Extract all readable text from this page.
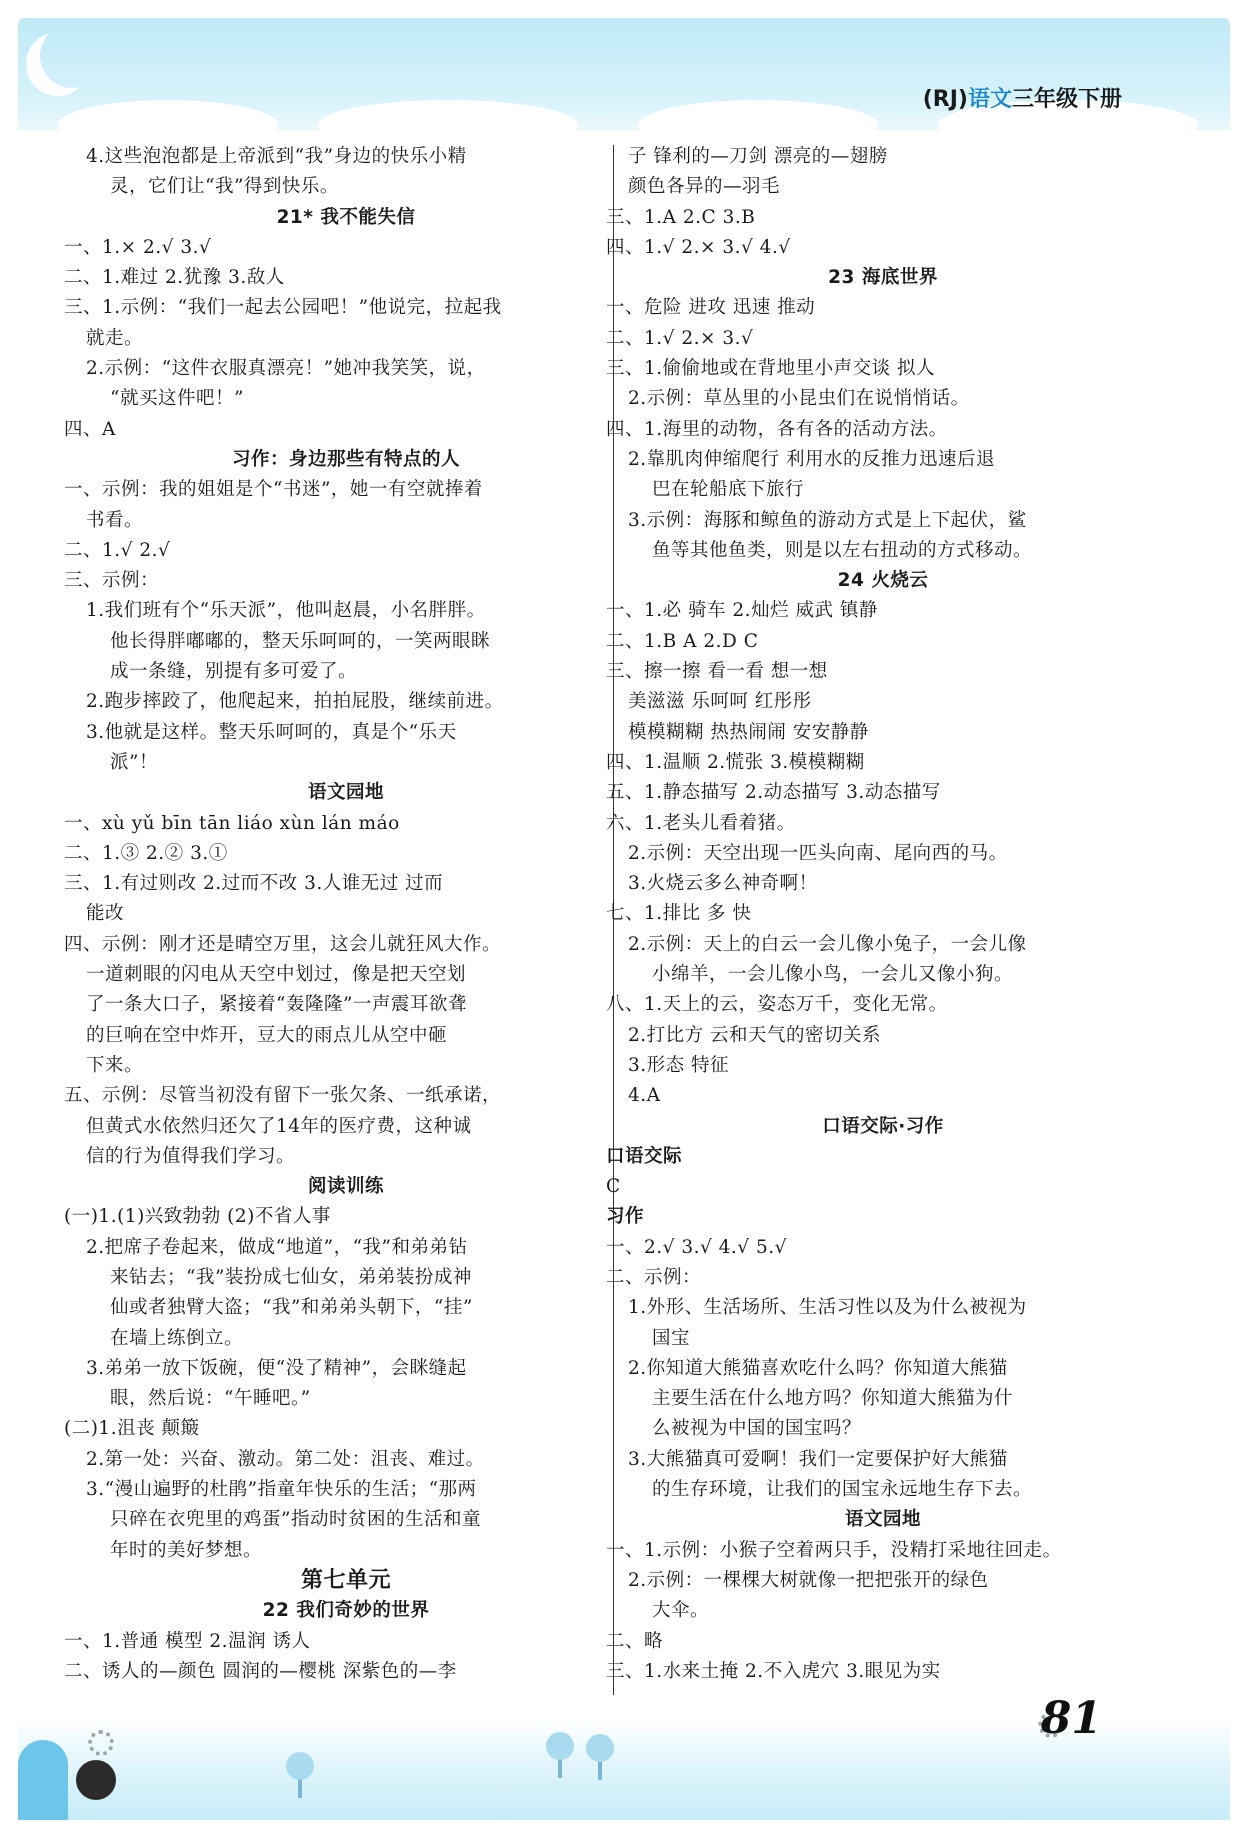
(RJ)语文三年级下册
4.这些泡泡都是上帝派到“我”身边的快乐小精
灵，它们让“我”得到快乐。
21* 我不能失信
一、1.× 2.√ 3.√
二、1.难过 2.犹豫 3.敌人
三、1.示例：“我们一起去公园吧！”他说完，拉起我
就走。
2.示例：“这件衣服真漂亮！”她冲我笑笑，说，
“就买这件吧！”
四、A
习作：身边那些有特点的人
一、示例：我的姐姐是个“书迷”，她一有空就捧着
书看。
二、1.√ 2.√
三、示例：
1.我们班有个“乐天派”，他叫赵晨，小名胖胖。
他长得胖嘟嘟的，整天乐呵呵的，一笑两眼眯
成一条缝，别提有多可爱了。
2.跑步摔跤了，他爬起来，拍拍屁股，继续前进。
3.他就是这样。整天乐呵呵的，真是个“乐天
派”！
语文园地
一、xù yǔ bīn tān liáo xùn lán máo
二、1.③ 2.② 3.①
三、1.有过则改 2.过而不改 3.人谁无过 过而
能改
四、示例：刚才还是晴空万里，这会儿就狂风大作。
一道刺眼的闪电从天空中划过，像是把天空划
了一条大口子，紧接着“轰隆隆”一声震耳欲聋
的巨响在空中炸开，豆大的雨点儿从空中砸
下来。
五、示例：尽管当初没有留下一张欠条、一纸承诺，
但黄式水依然归还欠了14年的医疗费，这种诚
信的行为值得我们学习。
阅读训练
(一)1.(1)兴致勃勃 (2)不省人事
2.把席子卷起来，做成“地道”，“我”和弟弟钻
来钻去；“我”装扮成七仙女，弟弟装扮成神
仙或者独臂大盗；“我”和弟弟头朝下，“挂”
在墙上练倒立。
3.弟弟一放下饭碗，便“没了精神”，会眯缝起
眼，然后说：“午睡吧。”
(二)1.沮丧 颠簸
2.第一处：兴奋、激动。第二处：沮丧、难过。
3.“漫山遍野的杜鹃”指童年快乐的生活；“那两
只碎在衣兜里的鸡蛋”指动时贫困的生活和童
年时的美好梦想。
第七单元
22 我们奇妙的世界
一、1.普通 模型 2.温润 诱人
二、诱人的—颜色 圆润的—樱桃 深紫色的—李
子 锋利的—刀剑 漂亮的—翅膀
颜色各异的—羽毛
三、1.A 2.C 3.B
四、1.√ 2.× 3.√ 4.√
23 海底世界
一、危险 进攻 迅速 推动
二、1.√ 2.× 3.√
三、1.偷偷地或在背地里小声交谈 拟人
2.示例：草丛里的小昆虫们在说悄悄话。
四、1.海里的动物，各有各的活动方法。
2.靠肌肉伸缩爬行 利用水的反推力迅速后退
巴在轮船底下旅行
3.示例：海豚和鲸鱼的游动方式是上下起伏，鲨
鱼等其他鱼类，则是以左右扭动的方式移动。
24 火烧云
一、1.必 骑车 2.灿烂 威武 镇静
二、1.B A 2.D C
三、擦一擦 看一看 想一想
美滋滋 乐呵呵 红彤彤
模模糊糊 热热闹闹 安安静静
四、1.温顺 2.慌张 3.模模糊糊
五、1.静态描写 2.动态描写 3.动态描写
六、1.老头儿看着猪。
2.示例：天空出现一匹头向南、尾向西的马。
3.火烧云多么神奇啊！
七、1.排比 多 快
2.示例：天上的白云一会儿像小兔子，一会儿像
小绵羊，一会儿像小鸟，一会儿又像小狗。
八、1.天上的云，姿态万千，变化无常。
2.打比方 云和天气的密切关系
3.形态 特征
4.A
口语交际·习作
口语交际
C
习作
一、2.√ 3.√ 4.√ 5.√
二、示例：
1.外形、生活场所、生活习性以及为什么被视为
国宝
2.你知道大熊猫喜欢吃什么吗？你知道大熊猫
主要生活在什么地方吗？你知道大熊猫为什
么被视为中国的国宝吗？
3.大熊猫真可爱啊！我们一定要保护好大熊猫
的生存环境，让我们的国宝永远地生存下去。
语文园地
一、1.示例：小猴子空着两只手，没精打采地往回走。
2.示例：一棵棵大树就像一把把张开的绿色
大伞。
二、略
三、1.水来土掩 2.不入虎穴 3.眼见为实
81
